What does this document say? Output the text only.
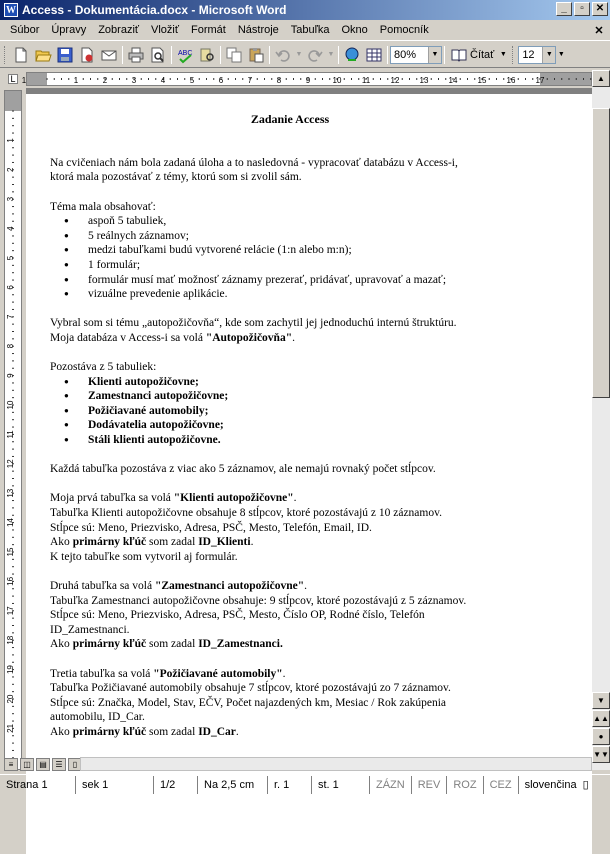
W Access - Dokumentácia.docx - Microsoft Word	_	▫	✕
Súbor	Úpravy	Zobraziť	Vložiť	Formát	Nástroje	Tabuľka	Okno	Pomocník	✕
ABC	▼	▼	80%	▼	Čítať ▼ 12	▼ ▼
L 1	1	2	3	4	5	6	7	8	9	10	11	12	13	14	15	16	17
1
2
3
4
5
6
7
8
9
10
11
12
13
14
15
16
17
18
19
20
21

Zadanie Access

Na cvičeniach nám bola zadaná úloha a to nasledovná - vypracovať databázu v Access-i,

ktorá mala pozostávať z témy, ktorú som si zvolil sám.

Téma mala obsahovať:

● aspoň 5 tabuliek,
● 5 reálnych záznamov;
● medzi tabuľkami budú vytvorené relácie (1:n alebo m:n);
● 1 formulár;
● formulár musí mať možnosť záznamy prezerať, pridávať, upravovať a mazať;
● vizuálne prevedenie aplikácie.

Vybral som si tému „autopožičovňa“, kde som zachytil jej jednoduchú internú štruktúru.

Moja databáza v Access-i sa volá "Autopožičovňa".

Pozostáva z 5 tabuliek:

● Klienti autopožičovne;
● Zamestnanci autopožičovne;
● Požičiavané automobily;
● Dodávatelia autopožičovne;
● Stáli klienti autopožičovne.

Každá tabuľka pozostáva z viac ako 5 záznamov, ale nemajú rovnaký počet stĺpcov.

Moja prvá tabuľka sa volá "Klienti autopožičovne".

Tabuľka Klienti autopožičovne obsahuje 8 stĺpcov, ktoré pozostávajú z 10 záznamov.

Stĺpce sú: Meno, Priezvisko, Adresa, PSČ, Mesto, Telefón, Email, ID.

Ako primárny kľúč som zadal ID_Klienti.

K tejto tabuľke som vytvoril aj formulár.

Druhá tabuľka sa volá "Zamestnanci autopožičovne".

Tabuľka Zamestnanci autopožičovne obsahuje: 9 stĺpcov, ktoré pozostávajú z 5 záznamov.

Stĺpce sú: Meno, Priezvisko, Adresa, PSČ, Mesto, Číslo OP, Rodné číslo, Telefón

ID_Zamestnanci.

Ako primárny kľúč som zadal ID_Zamestnanci.

Tretia tabuľka sa volá "Požičiavané automobily".

Tabuľka Požičiavané automobily obsahuje 7 stĺpcov, ktoré pozostávajú zo 7 záznamov.

Stĺpce sú: Značka, Model, Stav, EČV, Počet najazdených km, Mesiac / Rok zakúpenia

automobilu, ID_Car.

Ako primárny kľúč som zadal ID_Car.

▲
▼
▲▲
●
▼▼
≡	◫	▤	☰	▯
Strana 1	sek 1	1/2	Na 2,5 cm	r. 1	st. 1	ZÁZN	REV	ROZ	CEZ	slovenčina ▯
